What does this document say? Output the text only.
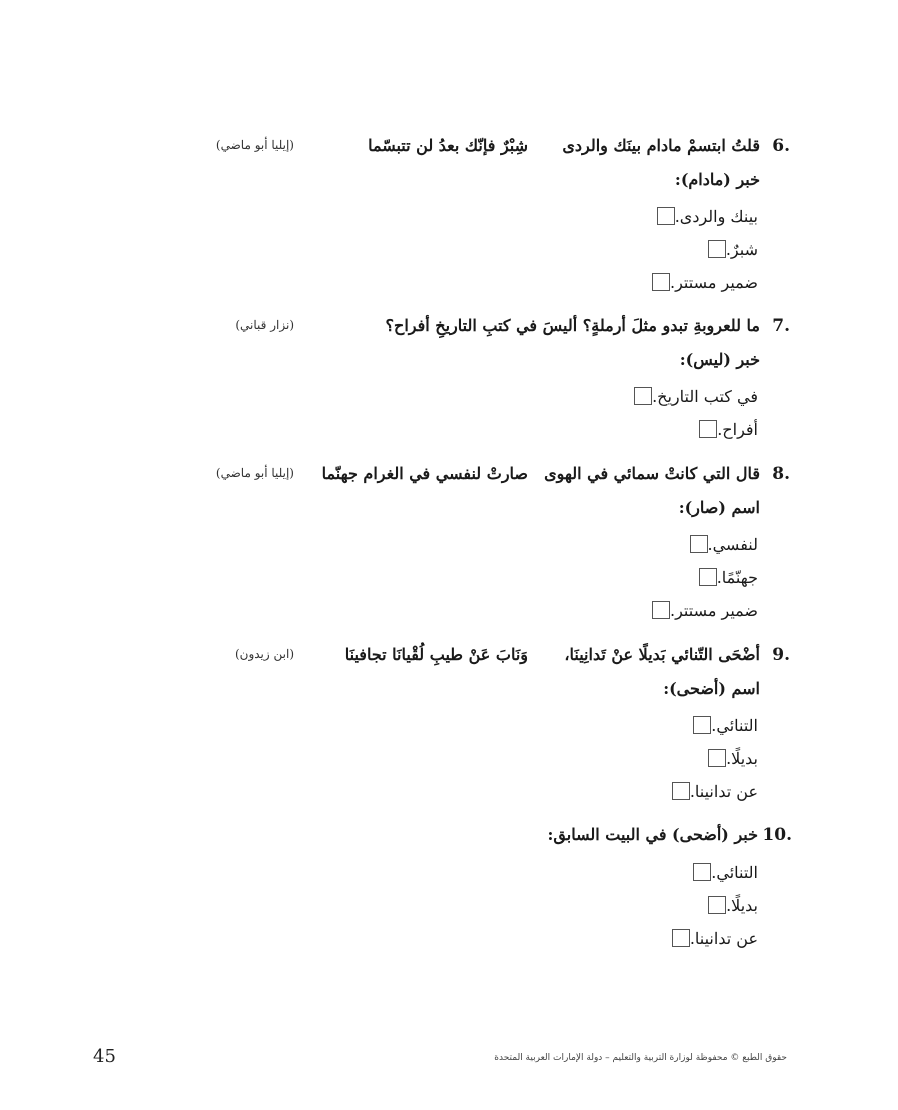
6.
قلتُ ابتسمْ مادام بينَك والردى
شِبْرٌ فإنّك بعدُ لن تتبسّما
(إيليا أبو ماضي)
خبر (مادام):
بينك والردى.
شبرٌ.
ضمير مستتر.
7.
ما للعروبةِ تبدو مثلَ أرملةٍ؟ أليسَ في كتبِ التاريخِ أفراح؟
(نزار قباني)
خبر (ليس):
في كتب التاريخ.
أفراح.
8.
قال التي كانتْ سمائي في الهوى
صارتْ لنفسي في الغرام جهنّما
(إيليا أبو ماضي)
اسم (صار):
لنفسي.
جهنّمًا.
ضمير مستتر.
9.
أضْحَى التّنائي بَديلًا عنْ تَدانِينَا،
وَنَابَ عَنْ طيبِ لُقْيانَا تجافينَا
(ابن زيدون)
اسم (أضحى):
التنائي.
بديلًا.
عن تدانينا.
10.
خبر (أضحى) في البيت السابق:
التنائي.
بديلًا.
عن تدانينا.
45	حقوق الطبع © محفوظة لوزارة التربية والتعليم – دولة الإمارات العربية المتحدة
